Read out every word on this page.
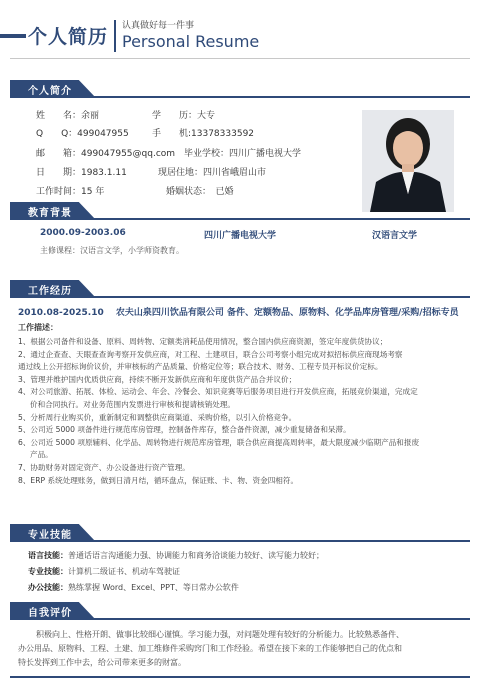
个人简历 认真做好每一件事
Personal Resume
个人简介
姓　　名：余丽	学　　历：大专
Q　　Q：499047955	手　　机:13378333592
邮　　箱：499047955@qq.com 毕业学校：四川广播电视大学
日　　期：1983.1.11	现居住地：四川省峨眉山市
工作时间：15 年	婚姻状态：　已婚
教育背景
2000.09-2003.06	四川广播电视大学	汉语言文学
主修课程：汉语言文学，小学师资教育。
工作经历
2010.08-2025.10　 农夫山泉四川饮品有限公司 备件、定额物品、原物料、化学品库房管理/采购/招标专员
工作描述：
1、根据公司备件和设备、原料、周转物、定额类消耗品使用情况，整合国内供应商资源，签定年度供货协议；
2、通过企查查、天眼查查询考察开发供应商，对工程、土建项目，联合公司考察小组完成对拟招标供应商现场考察
通过线上公开招标询价议价，并审核标的产品质量、价格定位等；联合技术、财务、工程专员开标议价定标。
3、管理并维护国内优质供应商，持续不断开发新供应商和年度供货产品合并议价；
4、对公司旅游、拓展、体检、运动会、年会、冷餐会、知识竞赛等后服务项目进行开发供应商，拓展竞价渠道，完成定
价和合同执行。对业务范围内发票进行审核和提请核销处理。
5、分析周行业购买价，重新制定和调整供应商渠道、采购价格，以引入价格竞争。
5、公司近 5000 项备件进行规范库房管理，控制备件库存，整合备件资源，减少重复储备和呆滞。
6、公司近 5000 项原辅料、化学品、周转物进行规范库房管理，联合供应商提高周转率，最大限度减少临期产品和报废
产品。
7、协助财务对固定资产、办公设备进行资产管理。
8、ERP 系统处理账务，做到日清月结，循环盘点，保证账、卡、物、资金四相符。
专业技能
语言技能：普通话语言沟通能力强、协调能力和商务洽谈能力较好、读写能力较好；
专业技能：计算机二级证书、机动车驾驶证
办公技能：熟练掌握 Word、Excel、PPT、等日常办公软件
自我评价
积极向上、性格开朗、做事比较细心谨慎。学习能力强，对问题处理有较好的分析能力。比较熟悉备件、
办公用品、原物料、工程、土建、加工维修件采购窍门和工作经验。希望在接下来的工作能够把自己的优点和
特长发挥到工作中去，给公司带来更多的财富。
